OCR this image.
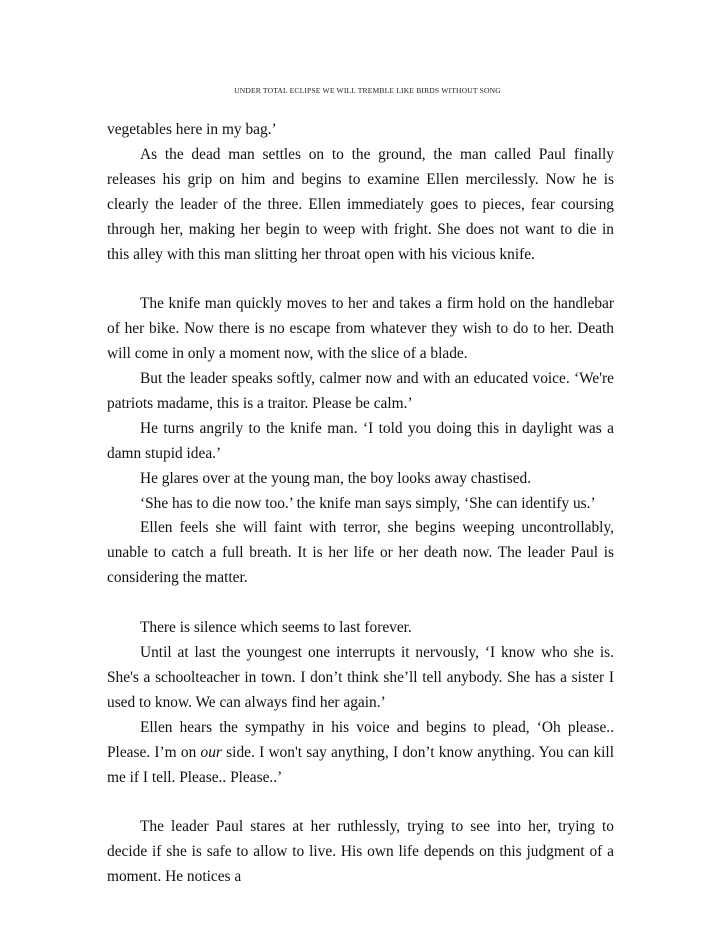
UNDER TOTAL ECLIPSE WE WILL TREMBLE LIKE BIRDS WITHOUT SONG

vegetables here in my bag.’

As the dead man settles on to the ground, the man called Paul finally releases his grip on him and begins to examine Ellen mercilessly. Now he is clearly the leader of the three. Ellen immediately goes to pieces, fear coursing through her, making her begin to weep with fright. She does not want to die in this alley with this man slitting her throat open with his vicious knife.

The knife man quickly moves to her and takes a firm hold on the handlebar of her bike. Now there is no escape from whatever they wish to do to her. Death will come in only a moment now, with the slice of a blade.

But the leader speaks softly, calmer now and with an educated voice. ‘We're patriots madame, this is a traitor. Please be calm.’

He turns angrily to the knife man. ‘I told you doing this in daylight was a damn stupid idea.’

He glares over at the young man, the boy looks away chastised.

‘She has to die now too.’ the knife man says simply, ‘She can identify us.’

Ellen feels she will faint with terror, she begins weeping uncontrollably, unable to catch a full breath. It is her life or her death now. The leader Paul is considering the matter.

There is silence which seems to last forever.

Until at last the youngest one interrupts it nervously, ‘I know who she is. She's a schoolteacher in town. I don’t think she’ll tell anybody. She has a sister I used to know. We can always find her again.’

Ellen hears the sympathy in his voice and begins to plead, ‘Oh please.. Please. I’m on our side. I won't say anything, I don’t know anything. You can kill me if I tell. Please.. Please..’

The leader Paul stares at her ruthlessly, trying to see into her, trying to decide if she is safe to allow to live. His own life depends on this judgment of a moment. He notices a
